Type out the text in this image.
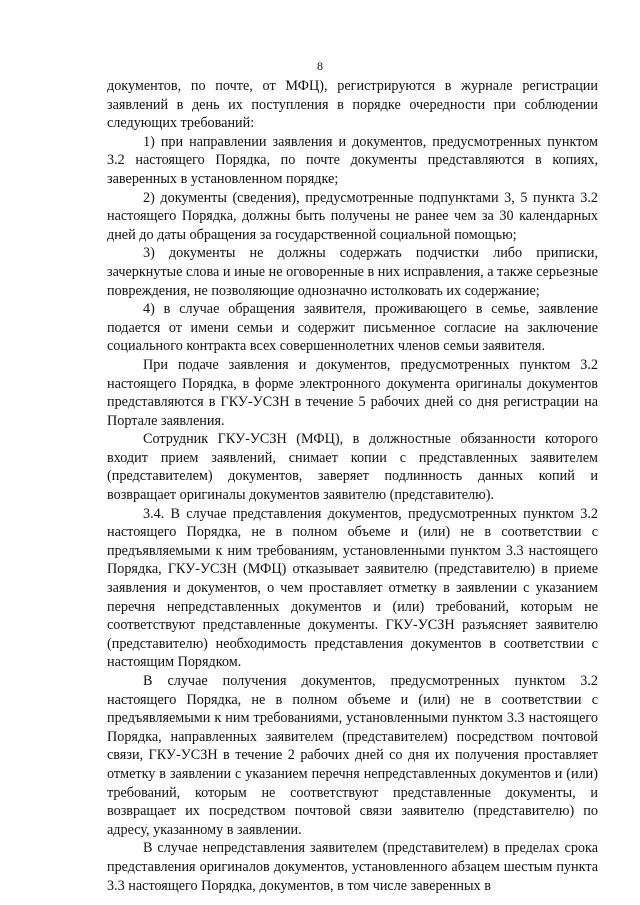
8

документов, по почте, от МФЦ), регистрируются в журнале регистрации заявлений в день их поступления в порядке очередности при соблюдении следующих требований:

1) при направлении заявления и документов, предусмотренных пунктом 3.2 настоящего Порядка, по почте документы представляются в копиях, заверенных в установленном порядке;

2) документы (сведения), предусмотренные подпунктами 3, 5 пункта 3.2 настоящего Порядка, должны быть получены не ранее чем за 30 календарных дней до даты обращения за государственной социальной помощью;

3) документы не должны содержать подчистки либо приписки, зачеркнутые слова и иные не оговоренные в них исправления, а также серьезные повреждения, не позволяющие однозначно истолковать их содержание;

4) в случае обращения заявителя, проживающего в семье, заявление подается от имени семьи и содержит письменное согласие на заключение социального контракта всех совершеннолетних членов семьи заявителя.

При подаче заявления и документов, предусмотренных пунктом 3.2 настоящего Порядка, в форме электронного документа оригиналы документов представляются в ГКУ-УСЗН в течение 5 рабочих дней со дня регистрации на Портале заявления.

Сотрудник ГКУ-УСЗН (МФЦ), в должностные обязанности которого входит прием заявлений, снимает копии с представленных заявителем (представителем) документов, заверяет подлинность данных копий и возвращает оригиналы документов заявителю (представителю).

3.4. В случае представления документов, предусмотренных пунктом 3.2 настоящего Порядка, не в полном объеме и (или) не в соответствии с предъявляемыми к ним требованиям, установленными пунктом 3.3 настоящего Порядка, ГКУ-УСЗН (МФЦ) отказывает заявителю (представителю) в приеме заявления и документов, о чем проставляет отметку в заявлении с указанием перечня непредставленных документов и (или) требований, которым не соответствуют представленные документы. ГКУ-УСЗН разъясняет заявителю (представителю) необходимость представления документов в соответствии с настоящим Порядком.

В случае получения документов, предусмотренных пунктом 3.2 настоящего Порядка, не в полном объеме и (или) не в соответствии с предъявляемыми к ним требованиями, установленными пунктом 3.3 настоящего Порядка, направленных заявителем (представителем) посредством почтовой связи, ГКУ-УСЗН в течение 2 рабочих дней со дня их получения проставляет отметку в заявлении с указанием перечня непредставленных документов и (или) требований, которым не соответствуют представленные документы, и возвращает их посредством почтовой связи заявителю (представителю) по адресу, указанному в заявлении.

В случае непредставления заявителем (представителем) в пределах срока представления оригиналов документов, установленного абзацем шестым пункта 3.3 настоящего Порядка, документов, в том числе заверенных в
